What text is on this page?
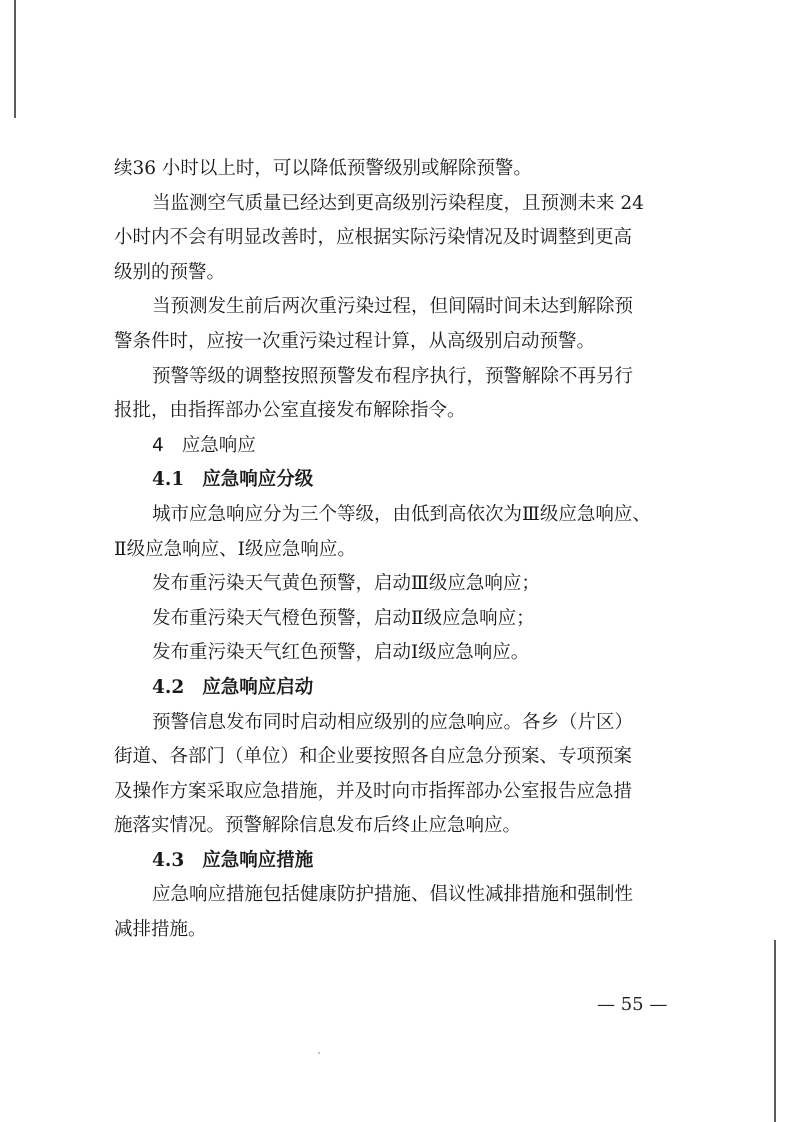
续36 小时以上时，可以降低预警级别或解除预警。
当监测空气质量已经达到更高级别污染程度，且预测未来 24
小时内不会有明显改善时，应根据实际污染情况及时调整到更高
级别的预警。
当预测发生前后两次重污染过程，但间隔时间未达到解除预
警条件时，应按一次重污染过程计算，从高级别启动预警。
预警等级的调整按照预警发布程序执行，预警解除不再另行
报批，由指挥部办公室直接发布解除指令。
4 应急响应
4.1 应急响应分级
城市应急响应分为三个等级，由低到高依次为Ⅲ级应急响应、
Ⅱ级应急响应、Ⅰ级应急响应。
发布重污染天气黄色预警，启动Ⅲ级应急响应；
发布重污染天气橙色预警，启动Ⅱ级应急响应；
发布重污染天气红色预警，启动Ⅰ级应急响应。
4.2 应急响应启动
预警信息发布同时启动相应级别的应急响应。各乡（片区）
街道、各部门（单位）和企业要按照各自应急分预案、专项预案
及操作方案采取应急措施，并及时向市指挥部办公室报告应急措
施落实情况。预警解除信息发布后终止应急响应。
4.3 应急响应措施
应急响应措施包括健康防护措施、倡议性减排措施和强制性
减排措施。
— 55 —
